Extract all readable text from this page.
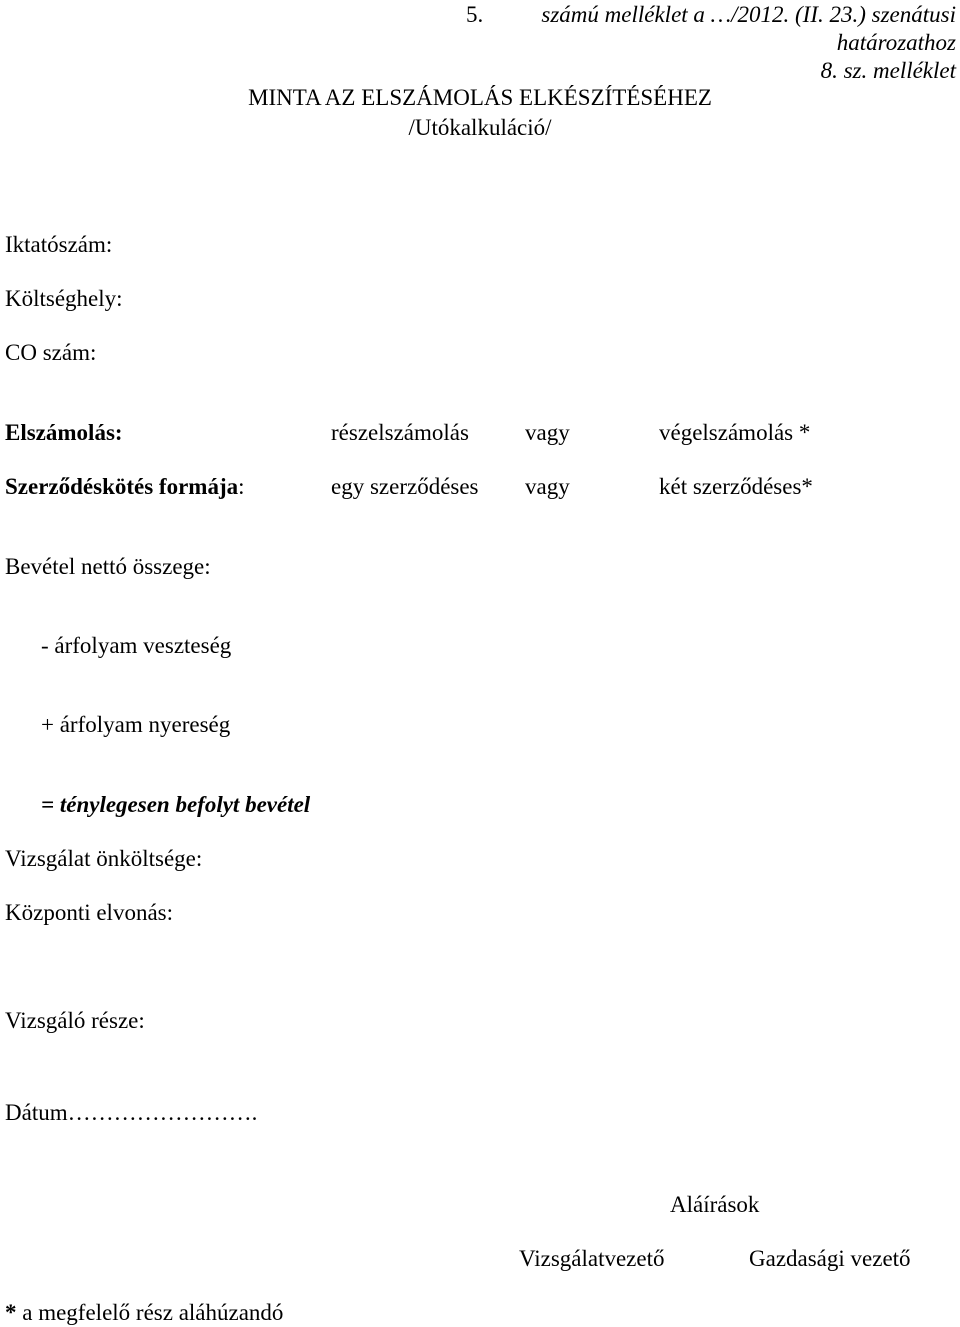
5.	számú melléklet a …/2012. (II. 23.) szenátusi
határozathoz
8. sz. melléklet
MINTA AZ ELSZÁMOLÁS ELKÉSZÍTÉSÉHEZ
/Utókalkuláció/
Iktatószám:
Költséghely:
CO szám:
Elszámolás:	részelszámolás vagy	végelszámolás *
Szerződéskötés formája:	egy szerződéses vagy	két szerződéses*
Bevétel nettó összege:
- árfolyam veszteség
+ árfolyam nyereség
= ténylegesen befolyt bevétel
Vizsgálat önköltsége:
Központi elvonás:
Vizsgáló része:
Dátum…………………….
Aláírások
Vizsgálatvezető	Gazdasági vezető
* a megfelelő rész aláhúzandó
